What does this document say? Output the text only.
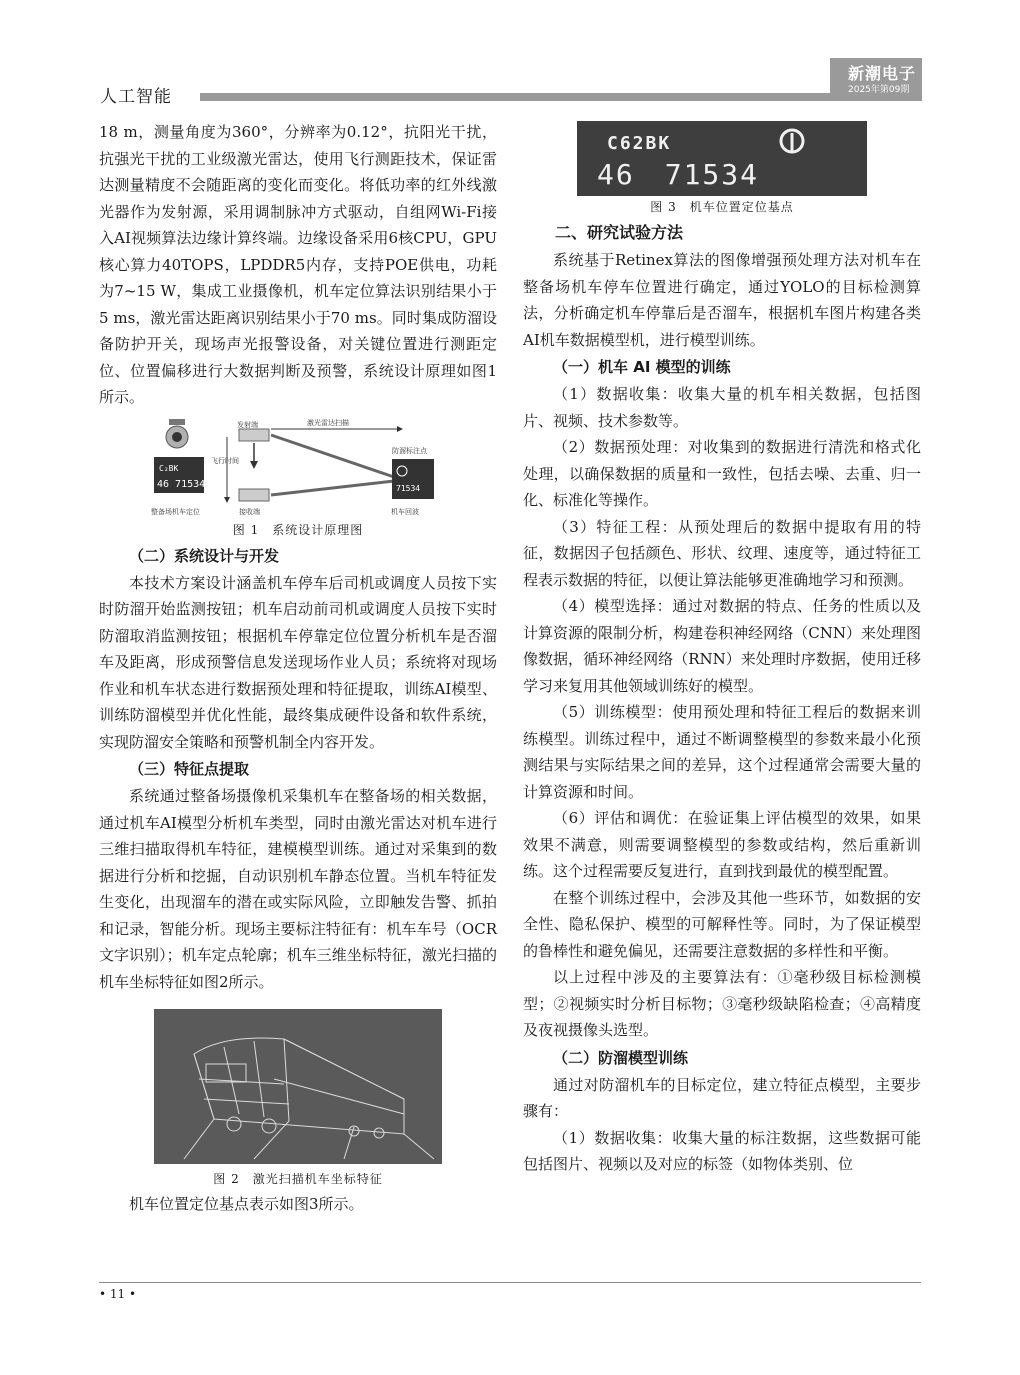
人工智能
新潮电子
2025年第09期

18 m，测量角度为360°，分辨率为0.12°，抗阳光干扰，抗强光干扰的工业级激光雷达，使用飞行测距技术，保证雷达测量精度不会随距离的变化而变化。将低功率的红外线激光器作为发射源，采用调制脉冲方式驱动，自组网Wi-Fi接入AI视频算法边缘计算终端。边缘设备采用6核CPU，GPU核心算力40TOPS，LPDDR5内存，支持POE供电，功耗为7~15 W，集成工业摄像机，机车定位算法识别结果小于5 ms，激光雷达距离识别结果小于70 ms。同时集成防溜设备防护开关，现场声光报警设备，对关键位置进行测距定位、位置偏移进行大数据判断及预警，系统设计原理如图1所示。

C₂BK
46 71534	71534
激光雷达扫描
发射端
飞行时间
接收端
防溜标注点
整备场机车定位	机车回波
图 1　系统设计原理图
（二）系统设计与开发

本技术方案设计涵盖机车停车后司机或调度人员按下实时防溜开始监测按钮；机车启动前司机或调度人员按下实时防溜取消监测按钮；根据机车停靠定位位置分析机车是否溜车及距离，形成预警信息发送现场作业人员；系统将对现场作业和机车状态进行数据预处理和特征提取，训练AI模型、训练防溜模型并优化性能，最终集成硬件设备和软件系统，实现防溜安全策略和预警机制全内容开发。

（三）特征点提取

系统通过整备场摄像机采集机车在整备场的相关数据，通过机车AI模型分析机车类型，同时由激光雷达对机车进行三维扫描取得机车特征，建模模型训练。通过对采集到的数据进行分析和挖掘，自动识别机车静态位置。当机车特征发生变化，出现溜车的潜在或实际风险，立即触发告警、抓拍和记录，智能分析。现场主要标注特征有：机车车号（OCR文字识别）；机车定点轮廓；机车三维坐标特征，激光扫描的机车坐标特征如图2所示。

图 2　激光扫描机车坐标特征

机车位置定位基点表示如图3所示。

C62BK
46　71534
图 3　机车位置定位基点
二、研究试验方法

系统基于Retinex算法的图像增强预处理方法对机车在整备场机车停车位置进行确定，通过YOLO的目标检测算法，分析确定机车停靠后是否溜车，根据机车图片构建各类AI机车数据模型机，进行模型训练。

（一）机车 AI 模型的训练

（1）数据收集：收集大量的机车相关数据，包括图片、视频、技术参数等。

（2）数据预处理：对收集到的数据进行清洗和格式化处理，以确保数据的质量和一致性，包括去噪、去重、归一化、标准化等操作。

（3）特征工程：从预处理后的数据中提取有用的特征，数据因子包括颜色、形状、纹理、速度等，通过特征工程表示数据的特征，以便让算法能够更准确地学习和预测。

（4）模型选择：通过对数据的特点、任务的性质以及计算资源的限制分析，构建卷积神经网络（CNN）来处理图像数据，循环神经网络（RNN）来处理时序数据，使用迁移学习来复用其他领域训练好的模型。

（5）训练模型：使用预处理和特征工程后的数据来训练模型。训练过程中，通过不断调整模型的参数来最小化预测结果与实际结果之间的差异，这个过程通常会需要大量的计算资源和时间。

（6）评估和调优：在验证集上评估模型的效果，如果效果不满意，则需要调整模型的参数或结构，然后重新训练。这个过程需要反复进行，直到找到最优的模型配置。

在整个训练过程中，会涉及其他一些环节，如数据的安全性、隐私保护、模型的可解释性等。同时，为了保证模型的鲁棒性和避免偏见，还需要注意数据的多样性和平衡。

以上过程中涉及的主要算法有：①毫秒级目标检测模型；②视频实时分析目标物；③毫秒级缺陷检查；④高精度及夜视摄像头选型。

（二）防溜模型训练

通过对防溜机车的目标定位，建立特征点模型，主要步骤有：

（1）数据收集：收集大量的标注数据，这些数据可能包括图片、视频以及对应的标签（如物体类别、位

• 11 •
